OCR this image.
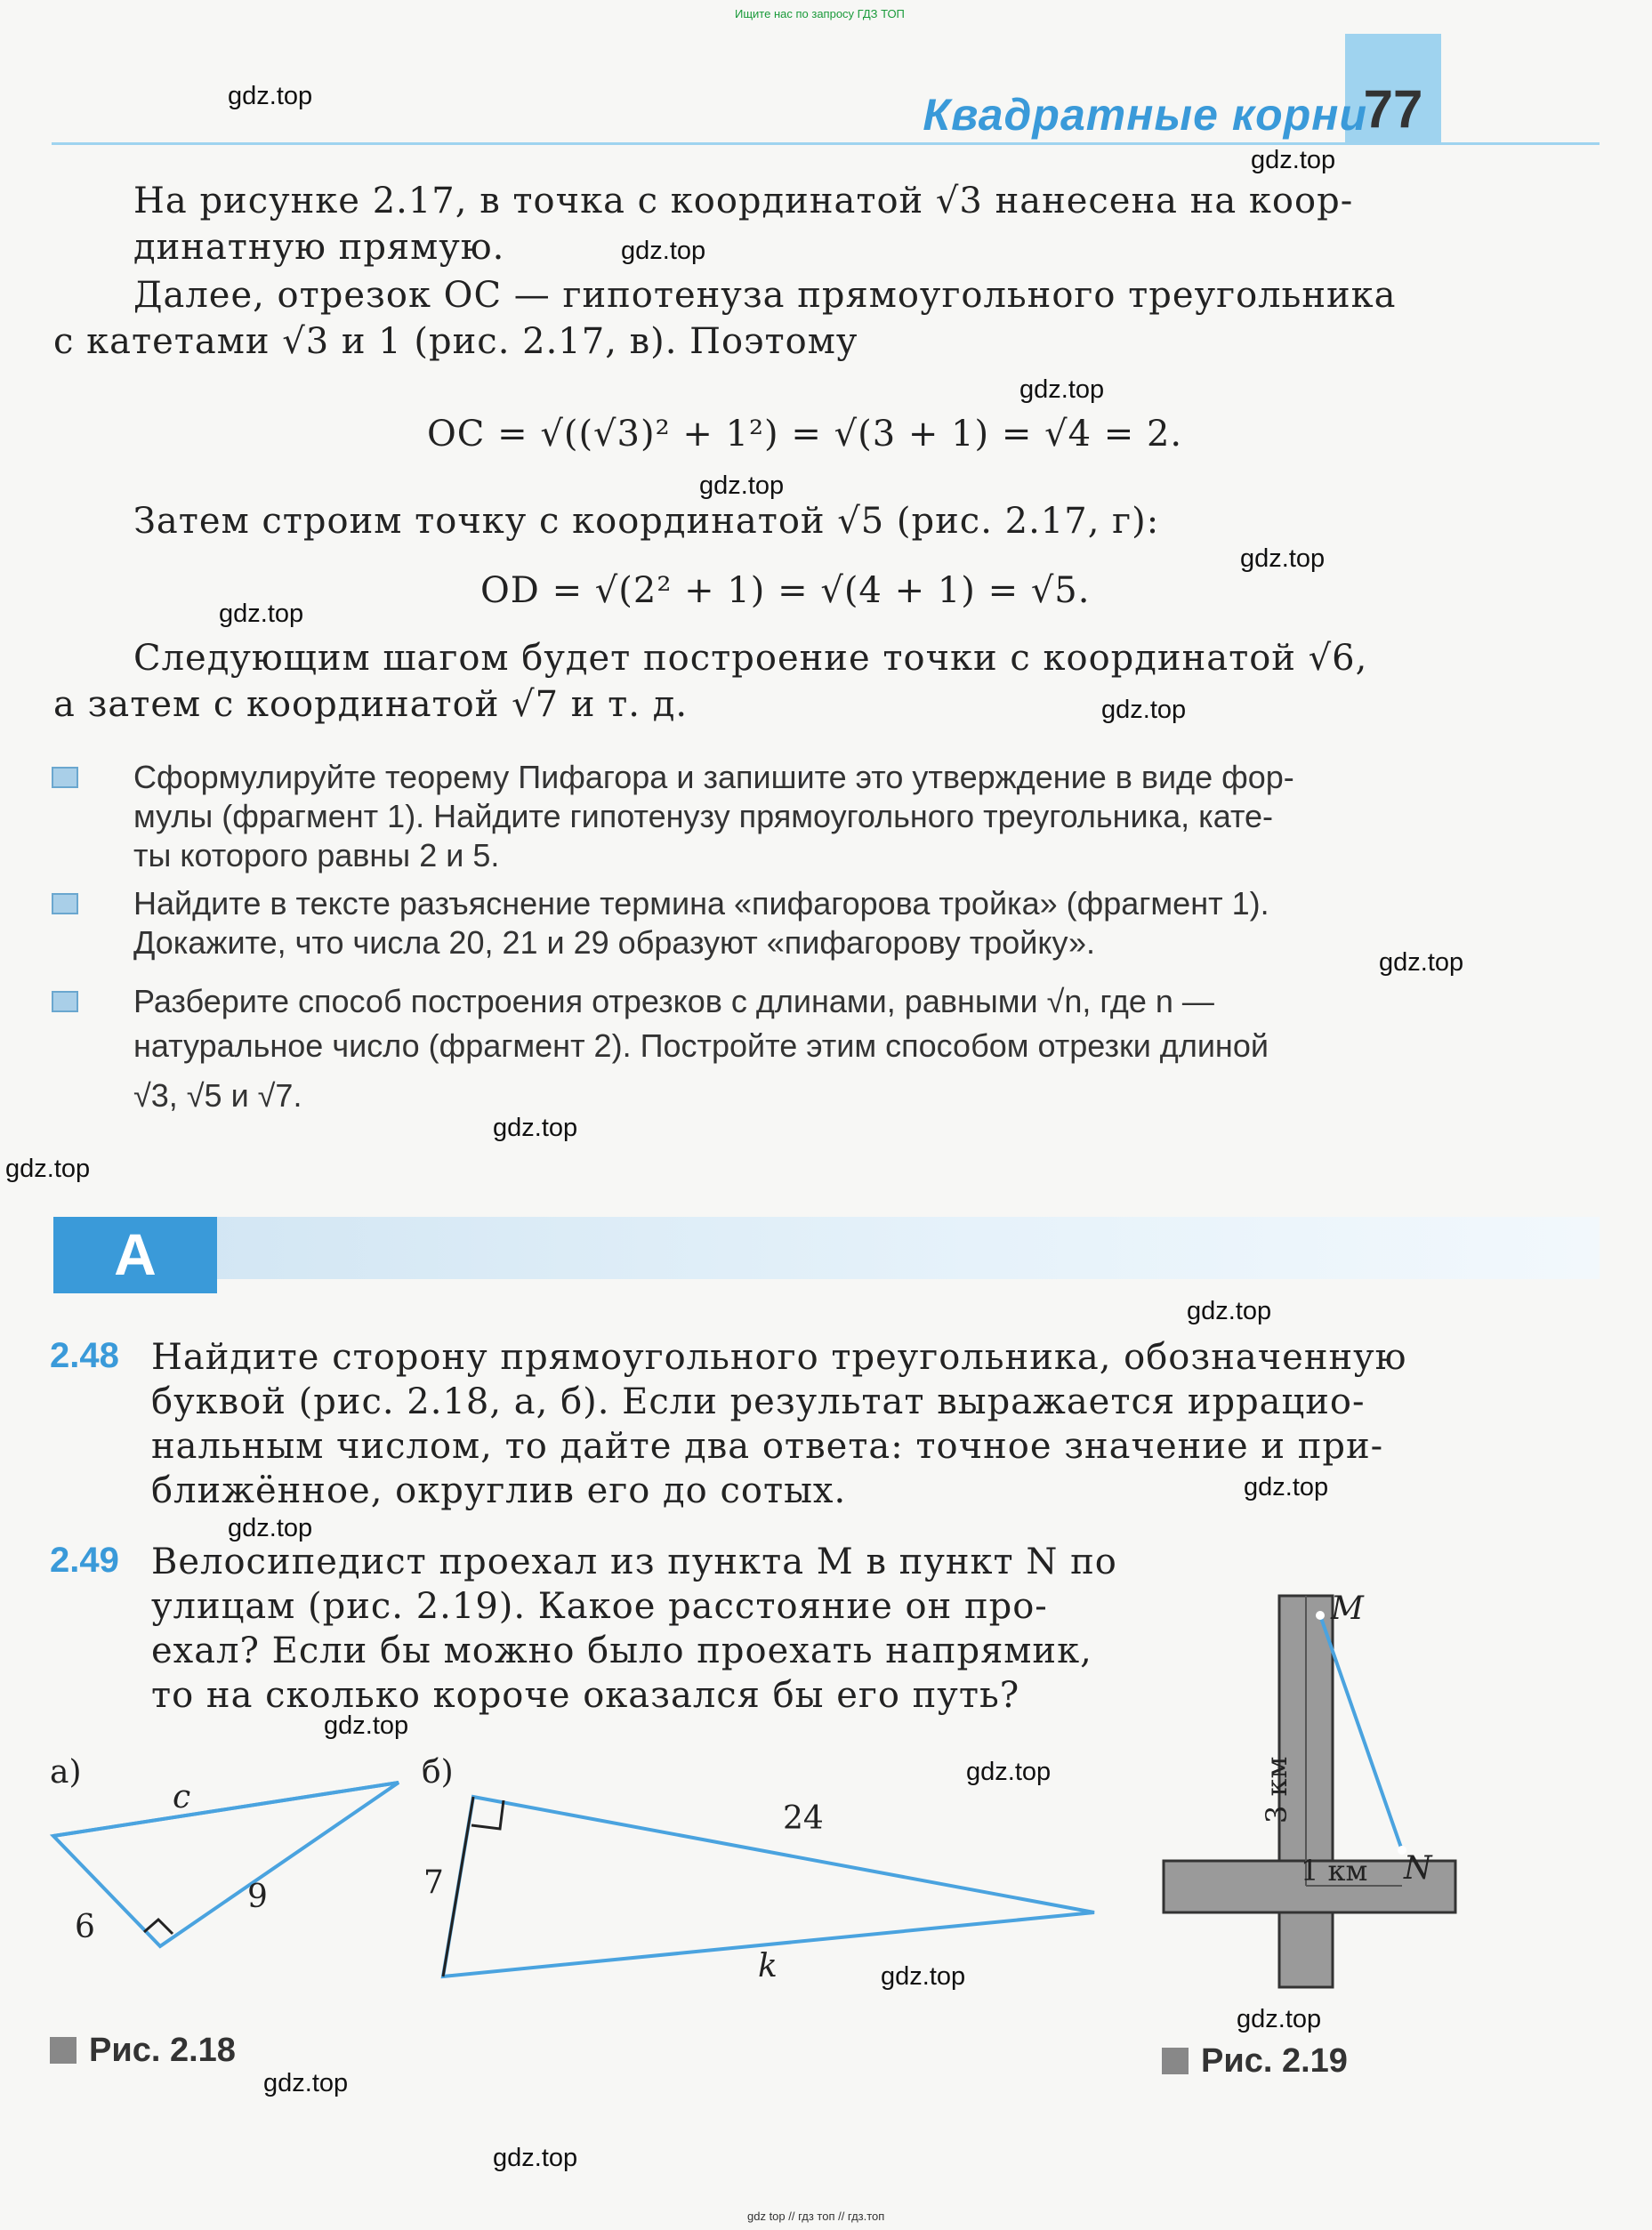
Ищите нас по запросу ГДЗ ТОП
Квадратные корни
77
На рисунке 2.17, в точка с координатой √3 нанесена на коор-
динатную прямую.
Далее, отрезок OC — гипотенуза прямоугольного треугольника
с катетами √3 и 1 (рис. 2.17, в). Поэтому
OC = √((√3)² + 1²) = √(3 + 1) = √4 = 2.
Затем строим точку с координатой √5 (рис. 2.17, г):
OD = √(2² + 1) = √(4 + 1) = √5.
Следующим шагом будет построение точки с координатой √6,
а затем с координатой √7 и т. д.
Сформулируйте теорему Пифагора и запишите это утверждение в виде фор-
мулы (фрагмент 1). Найдите гипотенузу прямоугольного треугольника, кате-
ты которого равны 2 и 5.
Найдите в тексте разъяснение термина «пифагорова тройка» (фрагмент 1).
Докажите, что числа 20, 21 и 29 образуют «пифагорову тройку».
Разберите способ построения отрезков с длинами, равными √n, где n —
натуральное число (фрагмент 2). Постройте этим способом отрезки длиной
√3, √5 и √7.
А
2.48 Найдите сторону прямоугольного треугольника, обозначенную
буквой (рис. 2.18, а, б). Если результат выражается иррацио-
нальным числом, то дайте два ответа: точное значение и при-
ближённое, округлив его до сотых.
2.49 Велосипедист проехал из пункта M в пункт N по
улицам (рис. 2.19). Какое расстояние он про-
ехал? Если бы можно было проехать напрямик,
то на сколько короче оказался бы его путь?
а)
c
9
6
б)
24
7
k
Рис. 2.18
M
N
3 км
1 км
Рис. 2.19
gdz.top
gdz.top
gdz.top
gdz.top
gdz.top
gdz.top
gdz.top
gdz.top
gdz.top
gdz.top
gdz.top
gdz.top
gdz.top
gdz.top
gdz.top
gdz.top
gdz.top
gdz.top
gdz.top
gdz.top
gdz top // гдз топ // гдз.топ
